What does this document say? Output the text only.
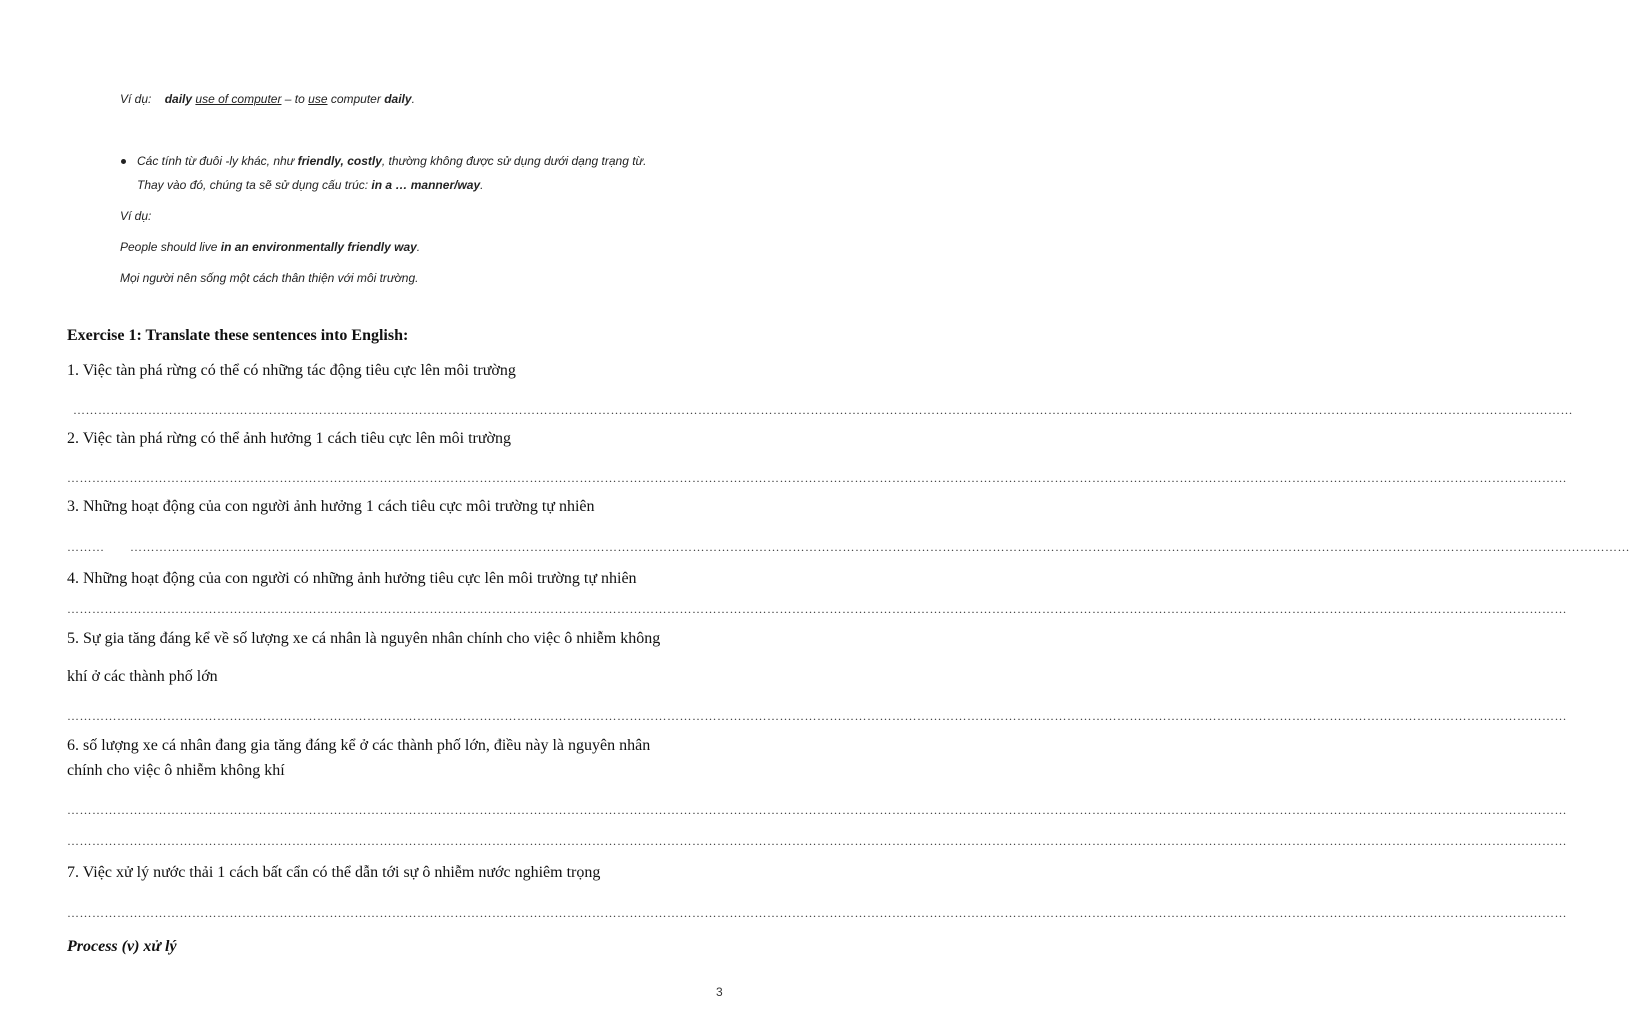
Ví dụ: daily use of computer – to use computer daily.
Các tính từ đuôi -ly khác, như friendly, costly, thường không được sử dụng dưới dạng trạng từ.
Thay vào đó, chúng ta sẽ sử dụng cấu trúc: in a … manner/way.
Ví dụ:
People should live in an environmentally friendly way.
Mọi người nên sống một cách thân thiện với môi trường.
Exercise 1: Translate these sentences into English:
1. Việc tàn phá rừng có thể có những tác động tiêu cực lên môi trường
………………………………………………………………………………………………………………………………………………………………………………………………………………………………………………………………………………………………………………………………
2. Việc tàn phá rừng có thể ảnh hưởng 1 cách tiêu cực lên môi trường
………………………………………………………………………………………………………………………………………………………………………………………………………………………………………………………………………………………………………………………………
3. Những hoạt động của con người ảnh hưởng 1 cách tiêu cực môi trường tự nhiên
……… ………………………………………………………………………………………………………………………………………………………………………………………………………………………………………………………………………………………………………………………………
4. Những hoạt động của con người có những ảnh hưởng tiêu cực lên môi trường tự nhiên
………………………………………………………………………………………………………………………………………………………………………………………………………………………………………………………………………………………………………………………………
5. Sự gia tăng đáng kể về số lượng xe cá nhân là nguyên nhân chính cho việc ô nhiễm không
khí ở các thành phố lớn
………………………………………………………………………………………………………………………………………………………………………………………………………………………………………………………………………………………………………………………………
6. số lượng xe cá nhân đang gia tăng đáng kể ở các thành phố lớn, điều này là nguyên nhân
chính cho việc ô nhiễm không khí
………………………………………………………………………………………………………………………………………………………………………………………………………………………………………………………………………………………………………………………………
………………………………………………………………………………………………………………………………………………………………………………………………………………………………………………………………………………………………………………………………
7. Việc xử lý nước thải 1 cách bất cẩn có thể dẫn tới sự ô nhiễm nước nghiêm trọng
………………………………………………………………………………………………………………………………………………………………………………………………………………………………………………………………………………………………………………………………
Process (v) xử lý
3
